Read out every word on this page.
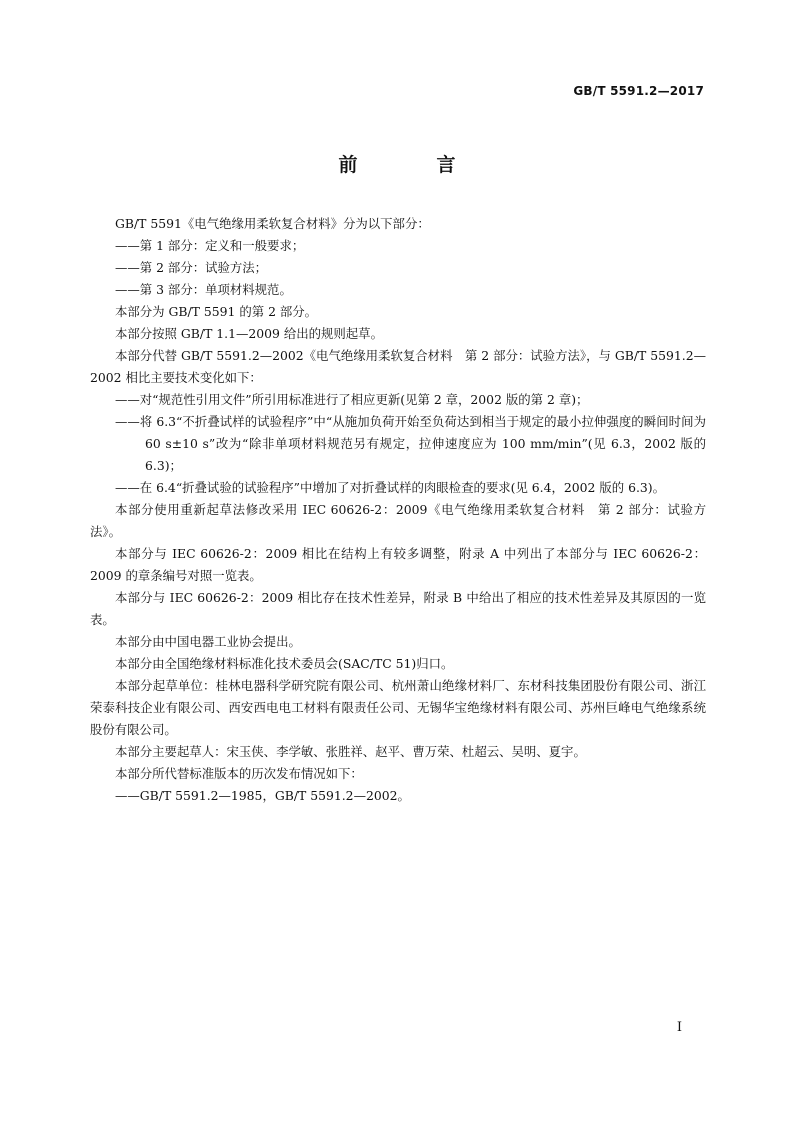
GB/T 5591.2—2017
前　言

GB/T 5591《电气绝缘用柔软复合材料》分为以下部分：

——第 1 部分：定义和一般要求；

——第 2 部分：试验方法；

——第 3 部分：单项材料规范。

本部分为 GB/T 5591 的第 2 部分。

本部分按照 GB/T 1.1—2009 给出的规则起草。

本部分代替 GB/T 5591.2—2002《电气绝缘用柔软复合材料　第 2 部分：试验方法》，与 GB/T 5591.2—2002 相比主要技术变化如下：

——对“规范性引用文件”所引用标准进行了相应更新(见第 2 章，2002 版的第 2 章)；

——将 6.3“不折叠试样的试验程序”中“从施加负荷开始至负荷达到相当于规定的最小拉伸强度的瞬间时间为 60 s±10 s”改为“除非单项材料规范另有规定，拉伸速度应为 100 mm/min”(见 6.3，2002 版的 6.3)；

——在 6.4“折叠试验的试验程序”中增加了对折叠试样的肉眼检查的要求(见 6.4，2002 版的 6.3)。

本部分使用重新起草法修改采用 IEC 60626-2：2009《电气绝缘用柔软复合材料　第 2 部分：试验方法》。

本部分与 IEC 60626-2：2009 相比在结构上有较多调整，附录 A 中列出了本部分与 IEC 60626-2：2009 的章条编号对照一览表。

本部分与 IEC 60626-2：2009 相比存在技术性差异，附录 B 中给出了相应的技术性差异及其原因的一览表。

本部分由中国电器工业协会提出。

本部分由全国绝缘材料标准化技术委员会(SAC/TC 51)归口。

本部分起草单位：桂林电器科学研究院有限公司、杭州萧山绝缘材料厂、东材科技集团股份有限公司、浙江荣泰科技企业有限公司、西安西电电工材料有限责任公司、无锡华宝绝缘材料有限公司、苏州巨峰电气绝缘系统股份有限公司。

本部分主要起草人：宋玉侠、李学敏、张胜祥、赵平、曹万荣、杜超云、吴明、夏宇。

本部分所代替标准版本的历次发布情况如下：

——GB/T 5591.2—1985，GB/T 5591.2—2002。

I
